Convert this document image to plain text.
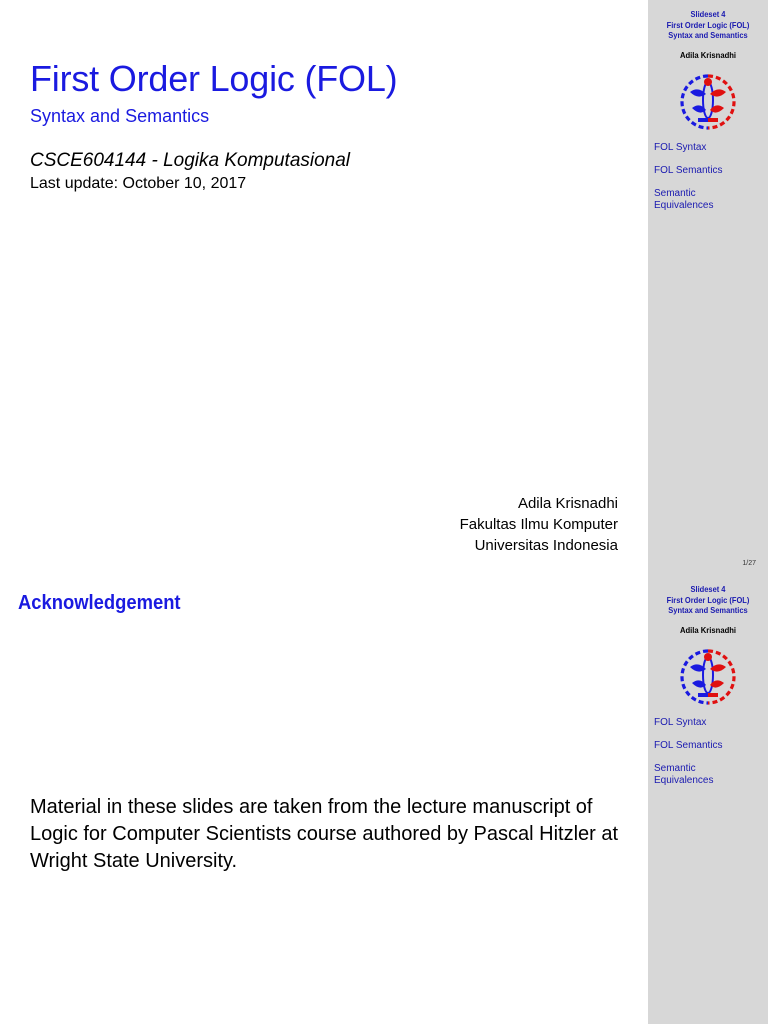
First Order Logic (FOL)
Syntax and Semantics
CSCE604144 - Logika Komputasional
Last update: October 10, 2017
Adila Krisnadhi
Fakultas Ilmu Komputer
Universitas Indonesia
Slideset 4
First Order Logic (FOL)
Syntax and Semantics
Adila Krisnadhi
FOL Syntax
FOL Semantics
Semantic Equivalences
1/27
Acknowledgement
Material in these slides are taken from the lecture manuscript of Logic for Computer Scientists course authored by Pascal Hitzler at Wright State University.
Slideset 4
First Order Logic (FOL)
Syntax and Semantics
Adila Krisnadhi
FOL Syntax
FOL Semantics
Semantic Equivalences
